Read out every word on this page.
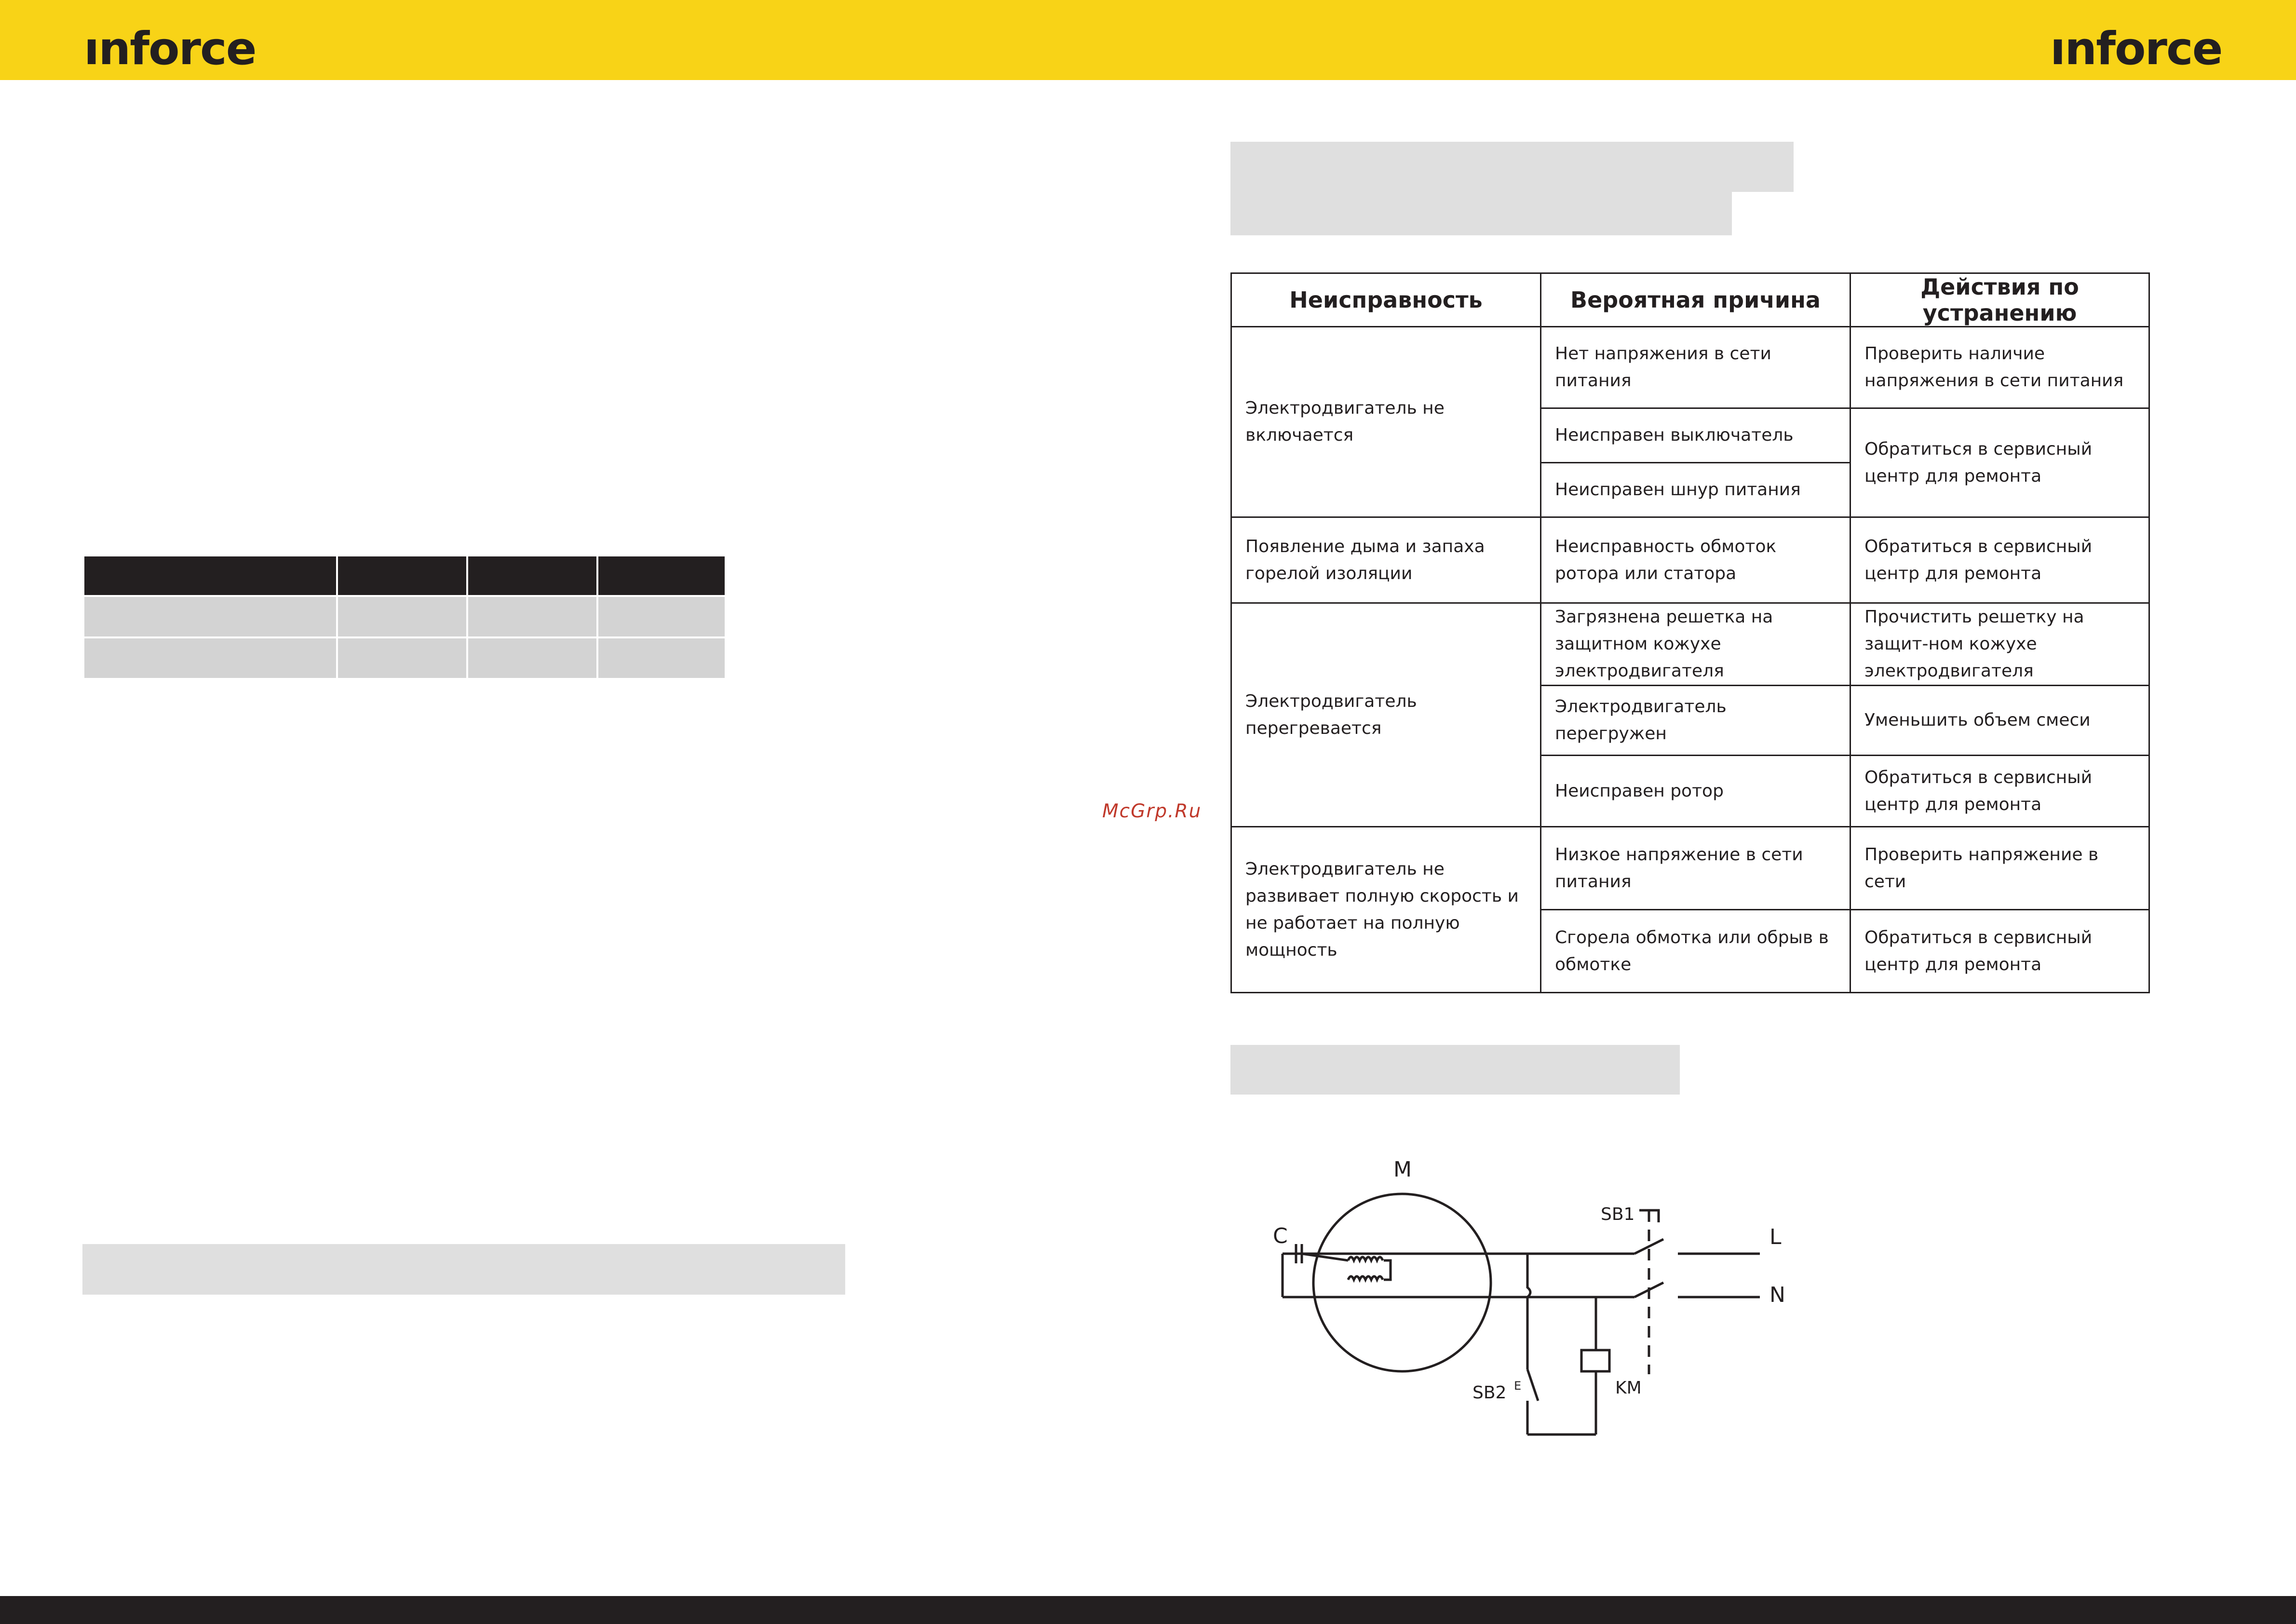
ınforce	ınforce

McGrp.Ru
Неисправность	Вероятная причина	Действия по устранению
Электродвигатель не включается	Нет напряжения в сети питания	Проверить наличие напряжения в сети питания
	Неисправен выключатель	Обратиться в сервисный центр для ремонта
	Неисправен шнур питания	
Появление дыма и запаха горелой изоляции	Неисправность обмоток ротора или статора	Обратиться в сервисный центр для ремонта
Электродвигатель перегревается	Загрязнена решетка на защитном кожухе электродвигателя	Прочистить решетку на защит-ном кожухе электродвигателя
	Электродвигатель перегружен	Уменьшить объем смеси
	Неисправен ротор	Обратиться в сервисный центр для ремонта
Электродвигатель не развивает полную скорость и не работает на полную мощность	Низкое напряжение в сети питания	Проверить напряжение в сети
	Сгорела обмотка или обрыв в обмотке	Обратиться в сервисный центр для ремонта
M
C
SB1
L
N
KM
SB2 E
